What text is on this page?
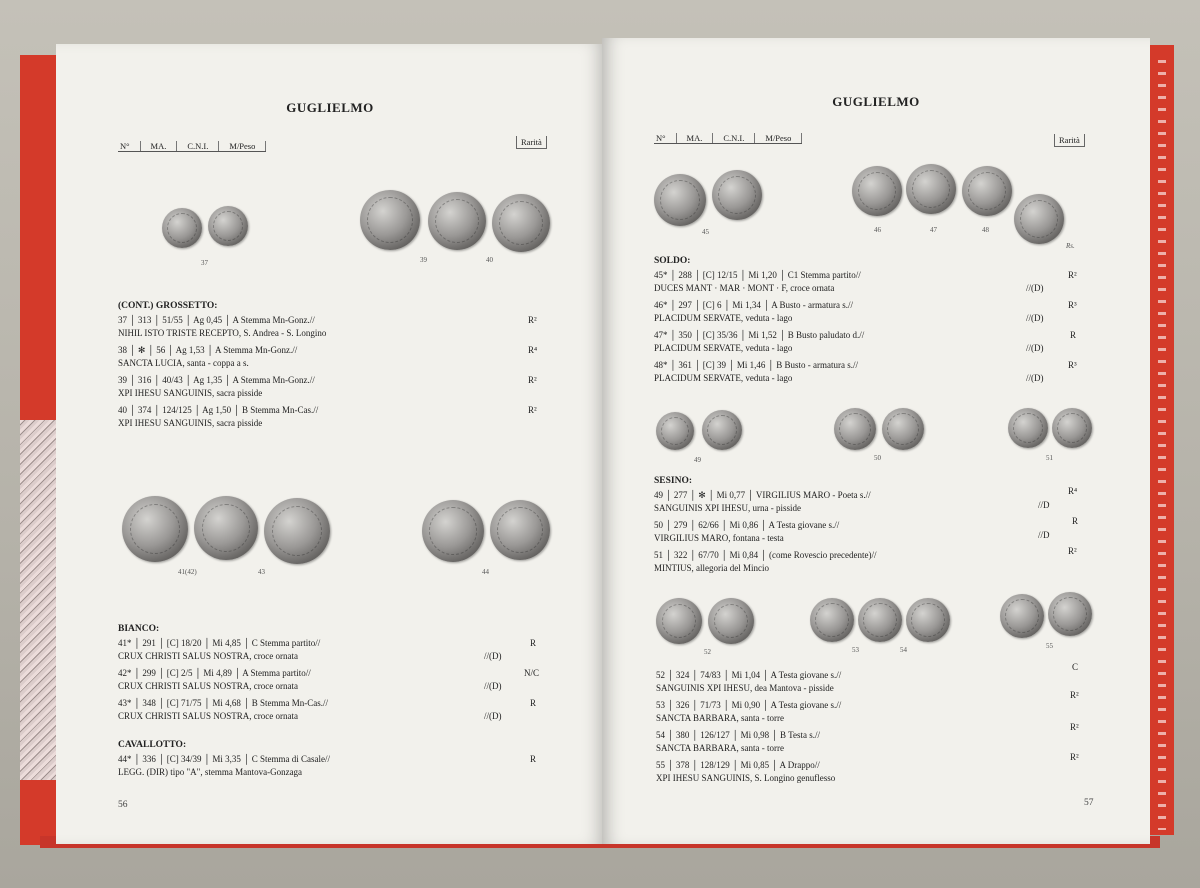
GUGLIELMO
N°	MA.	C.N.I.	M/Peso	Rarità
37	39	40
(CONT.) GROSSETTO:
37 │ 313 │ 51/55 │ Ag 0,45 │ A Stemma Mn-Gonz.//
NIHIL ISTO TRISTE RECEPTO, S. Andrea - S. Longino
R²
38 │ ✻ │ 56 │ Ag 1,53 │ A Stemma Mn-Gonz.//
SANCTA LUCIA, santa - coppa a s.
R⁴
39 │ 316 │ 40/43 │ Ag 1,35 │ A Stemma Mn-Gonz.//
XPI IHESU SANGUINIS, sacra pisside
R²
40 │ 374 │ 124/125 │ Ag 1,50 │ B Stemma Mn-Cas.//
XPI IHESU SANGUINIS, sacra pisside
R²
41(42)	43	44
BIANCO:
41* │ 291 │ [C] 18/20 │ Mi 4,85 │ C Stemma partito//
CRUX CHRISTI SALUS NOSTRA, croce ornata	//(D)
R
42* │ 299 │ [C] 2/5 │ Mi 4,89 │ A Stemma partito//
CRUX CHRISTI SALUS NOSTRA, croce ornata	//(D)
N/C
43* │ 348 │ [C] 71/75 │ Mi 4,68 │ B Stemma Mn-Cas.//
CRUX CHRISTI SALUS NOSTRA, croce ornata	//(D)
R
CAVALLOTTO:
44* │ 336 │ [C] 34/39 │ Mi 3,35 │ C Stemma di Casale//
LEGG. (DIR) tipo "A", stemma Mantova-Gonzaga
R
56
GUGLIELMO
N°	MA.	C.N.I.	M/Peso	Rarità
45	46	47	48
Rs.
SOLDO:
45* │ 288 │ [C] 12/15 │ Mi 1,20 │ C1 Stemma partito//
DUCES MANT · MAR · MONT · F, croce ornata	//(D)
R²
46* │ 297 │ [C] 6 │ Mi 1,34 │ A Busto - armatura s.//
PLACIDUM SERVATE, veduta - lago	//(D)
R³
47* │ 350 │ [C] 35/36 │ Mi 1,52 │ B Busto paludato d.//
PLACIDUM SERVATE, veduta - lago	//(D)
R
48* │ 361 │ [C] 39 │ Mi 1,46 │ B Busto - armatura s.//
PLACIDUM SERVATE, veduta - lago	//(D)
R³
49	50	51
SESINO:
49 │ 277 │ ✻ │ Mi 0,77 │ VIRGILIUS MARO - Poeta s.//
SANGUINIS XPI IHESU, urna - pisside	//D
R⁴
50 │ 279 │ 62/66 │ Mi 0,86 │ A Testa giovane s.//
VIRGILIUS MARO, fontana - testa	//D
R
51 │ 322 │ 67/70 │ Mi 0,84 │ (come Rovescio precedente)//
MINTIUS, allegoria del Mincio
R²
52	53	54	55
52 │ 324 │ 74/83 │ Mi 1,04 │ A Testa giovane s.//
SANGUINIS XPI IHESU, dea Mantova - pisside
C
53 │ 326 │ 71/73 │ Mi 0,90 │ A Testa giovane s.//
SANCTA BARBARA, santa - torre
R²
54 │ 380 │ 126/127 │ Mi 0,98 │ B Testa s.//
SANCTA BARBARA, santa - torre
R²
55 │ 378 │ 128/129 │ Mi 0,85 │ A Drappo//
XPI IHESU SANGUINIS, S. Longino genuflesso
R²
57
